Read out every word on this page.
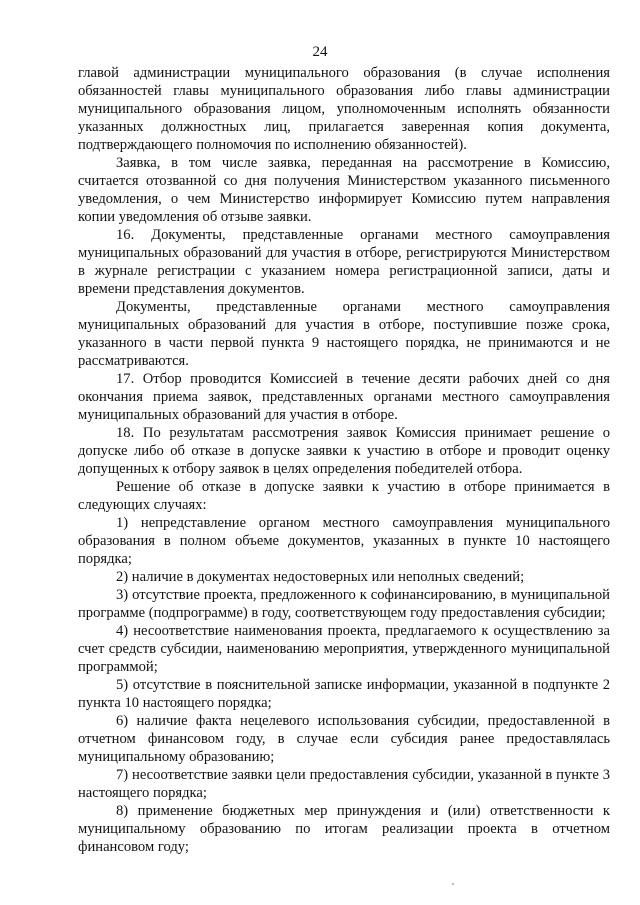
24

главой администрации муниципального образования (в случае исполнения обязанностей главы муниципального образования либо главы администрации муниципального образования лицом, уполномоченным исполнять обязанности указанных должностных лиц, прилагается заверенная копия документа, подтверждающего полномочия по исполнению обязанностей).

Заявка, в том числе заявка, переданная на рассмотрение в Комиссию, считается отозванной со дня получения Министерством указанного письменного уведомления, о чем Министерство информирует Комиссию путем направления копии уведомления об отзыве заявки.

16. Документы, представленные органами местного самоуправления муниципальных образований для участия в отборе, регистрируются Министерством в журнале регистрации с указанием номера регистрационной записи, даты и времени представления документов.

Документы, представленные органами местного самоуправления муниципальных образований для участия в отборе, поступившие позже срока, указанного в части первой пункта 9 настоящего порядка, не принимаются и не рассматриваются.

17. Отбор проводится Комиссией в течение десяти рабочих дней со дня окончания приема заявок, представленных органами местного самоуправления муниципальных образований для участия в отборе.

18. По результатам рассмотрения заявок Комиссия принимает решение о допуске либо об отказе в допуске заявки к участию в отборе и проводит оценку допущенных к отбору заявок в целях определения победителей отбора.

Решение об отказе в допуске заявки к участию в отборе принимается в следующих случаях:

1) непредставление органом местного самоуправления муниципального образования в полном объеме документов, указанных в пункте 10 настоящего порядка;

2) наличие в документах недостоверных или неполных сведений;

3) отсутствие проекта, предложенного к софинансированию, в муниципальной программе (подпрограмме) в году, соответствующем году предоставления субсидии;

4) несоответствие наименования проекта, предлагаемого к осуществлению за счет средств субсидии, наименованию мероприятия, утвержденного муниципальной программой;

5) отсутствие в пояснительной записке информации, указанной в подпункте 2 пункта 10 настоящего порядка;

6) наличие факта нецелевого использования субсидии, предоставленной в отчетном финансовом году, в случае если субсидия ранее предоставлялась муниципальному образованию;

7) несоответствие заявки цели предоставления субсидии, указанной в пункте 3 настоящего порядка;

8) применение бюджетных мер принуждения и (или) ответственности к муниципальному образованию по итогам реализации проекта в отчетном финансовом году;
